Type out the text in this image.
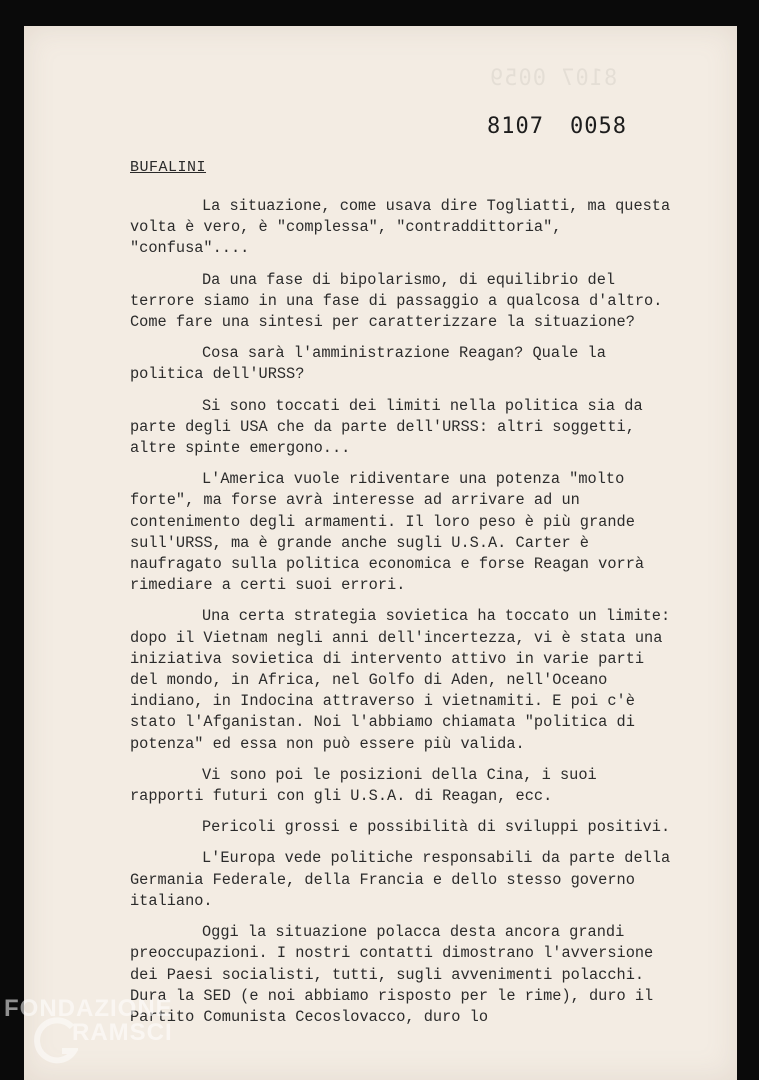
8107 0059
8107 0058
BUFALINI

La situazione, come usava dire Togliatti, ma questa volta è vero, è "complessa", "contraddittoria", "confusa"....

Da una fase di bipolarismo, di equilibrio del terrore siamo in una fase di passaggio a qualcosa d'altro. Come fare una sintesi per caratterizzare la situazione?

Cosa sarà l'amministrazione Reagan? Quale la politica dell'URSS?

Si sono toccati dei limiti nella politica sia da parte degli USA che da parte dell'URSS: altri soggetti, altre spinte emergono...

L'America vuole ridiventare una potenza "molto forte", ma forse avrà interesse ad arrivare ad un contenimento degli armamenti. Il loro peso è più grande sull'URSS, ma è grande anche sugli U.S.A. Carter è naufragato sulla politica economica e forse Reagan vorrà rimediare a certi suoi errori.

Una certa strategia sovietica ha toccato un limite: dopo il Vietnam negli anni dell'incertezza, vi è stata una iniziativa sovietica di intervento attivo in varie parti del mondo, in Africa, nel Golfo di Aden, nell'Oceano indiano, in Indocina attraverso i vietnamiti. E poi c'è stato l'Afganistan. Noi l'abbiamo chiamata "politica di potenza" ed essa non può essere più valida.

Vi sono poi le posizioni della Cina, i suoi rapporti futuri con gli U.S.A. di Reagan, ecc.

Pericoli grossi e possibilità di sviluppi positivi.

L'Europa vede politiche responsabili da parte della Germania Federale, della Francia e dello stesso governo italiano.

Oggi la situazione polacca desta ancora grandi preoccupazioni. I nostri contatti dimostrano l'avversione dei Paesi socialisti, tutti, sugli avvenimenti polacchi. Dura la SED (e noi abbiamo risposto per le rime), duro il Partito Comunista Cecoslovacco, duro lo

FONDAZIONE
RAMSCI
